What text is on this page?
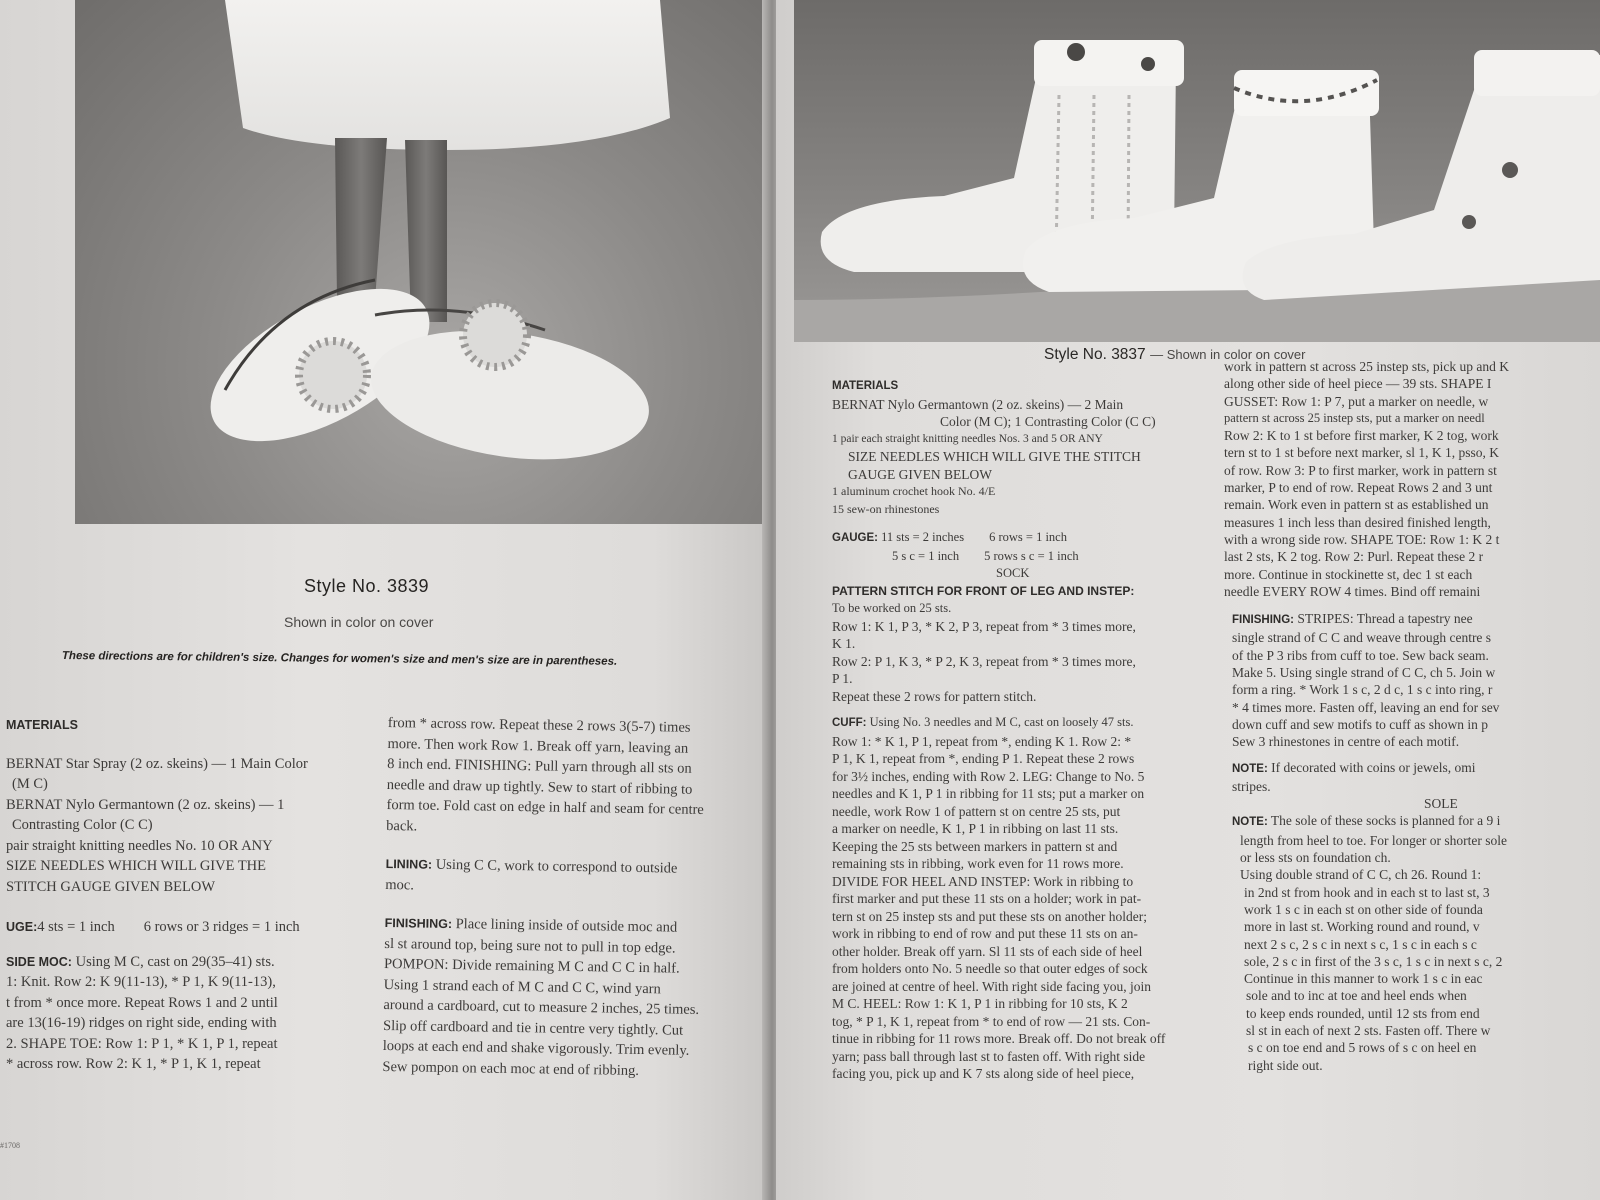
Style No. 3839

Shown in color on cover

These directions are for children's size. Changes for women's size and men's size are in parentheses.

MATERIALS

BERNAT Star Spray (2 oz. skeins) — 1 Main Color

(M C)

BERNAT Nylo Germantown (2 oz. skeins) — 1

Contrasting Color (C C)

pair straight knitting needles No. 10 OR ANY

SIZE NEEDLES WHICH WILL GIVE THE

STITCH GAUGE GIVEN BELOW

UGE:4 sts = 1 inch        6 rows or 3 ridges = 1 inch

SIDE MOC: Using M C, cast on 29(35–41) sts.

1: Knit. Row 2: K 9(11-13), * P 1, K 9(11-13),

t from * once more. Repeat Rows 1 and 2 until

are 13(16-19) ridges on right side, ending with

2. SHAPE TOE: Row 1: P 1, * K 1, P 1, repeat

* across row. Row 2: K 1, * P 1, K 1, repeat

from * across row. Repeat these 2 rows 3(5-7) times

more. Then work Row 1. Break off yarn, leaving an

8 inch end. FINISHING: Pull yarn through all sts on

needle and draw up tightly. Sew to start of ribbing to

form toe. Fold cast on edge in half and seam for centre

back.

LINING: Using C C, work to correspond to outside

moc.

FINISHING: Place lining inside of outside moc and

sl st around top, being sure not to pull in top edge.

POMPON: Divide remaining M C and C C in half.

Using 1 strand each of M C and C C, wind yarn

around a cardboard, cut to measure 2 inches, 25 times.

Slip off cardboard and tie in centre very tightly. Cut

loops at each end and shake vigorously. Trim evenly.

Sew pompon on each moc at end of ribbing.

#1708

Style No. 3837 — Shown in color on cover

MATERIALS

BERNAT Nylo Germantown (2 oz. skeins) — 2 Main

Color (M C); 1 Contrasting Color (C C)

1 pair each straight knitting needles Nos. 3 and 5 OR ANY

SIZE NEEDLES WHICH WILL GIVE THE STITCH

GAUGE GIVEN BELOW

1 aluminum crochet hook No. 4/E

15 sew-on rhinestones

GAUGE: 11 sts = 2 inches        6 rows = 1 inch

5 s c = 1 inch        5 rows s c = 1 inch

SOCK

PATTERN STITCH FOR FRONT OF LEG AND INSTEP:

To be worked on 25 sts.

Row 1: K 1, P 3, * K 2, P 3, repeat from * 3 times more,

K 1.

Row 2: P 1, K 3, * P 2, K 3, repeat from * 3 times more,

P 1.

Repeat these 2 rows for pattern stitch.

CUFF: Using No. 3 needles and M C, cast on loosely 47 sts.

Row 1: * K 1, P 1, repeat from *, ending K 1. Row 2: *

P 1, K 1, repeat from *, ending P 1. Repeat these 2 rows

for 3½ inches, ending with Row 2. LEG: Change to No. 5

needles and K 1, P 1 in ribbing for 11 sts; put a marker on

needle, work Row 1 of pattern st on centre 25 sts, put

a marker on needle, K 1, P 1 in ribbing on last 11 sts.

Keeping the 25 sts between markers in pattern st and

remaining sts in ribbing, work even for 11 rows more.

DIVIDE FOR HEEL AND INSTEP: Work in ribbing to

first marker and put these 11 sts on a holder; work in pat-

tern st on 25 instep sts and put these sts on another holder;

work in ribbing to end of row and put these 11 sts on an-

other holder. Break off yarn. Sl 11 sts of each side of heel

from holders onto No. 5 needle so that outer edges of sock

are joined at centre of heel. With right side facing you, join

M C. HEEL: Row 1: K 1, P 1 in ribbing for 10 sts, K 2

tog, * P 1, K 1, repeat from * to end of row — 21 sts. Con-

tinue in ribbing for 11 rows more. Break off. Do not break off

yarn; pass ball through last st to fasten off. With right side

facing you, pick up and K 7 sts along side of heel piece,

work in pattern st across 25 instep sts, pick up and K

along other side of heel piece — 39 sts. SHAPE I

GUSSET: Row 1: P 7, put a marker on needle, w

pattern st across 25 instep sts, put a marker on needl

Row 2: K to 1 st before first marker, K 2 tog, work

tern st to 1 st before next marker, sl 1, K 1, psso, K

of row. Row 3: P to first marker, work in pattern st

marker, P to end of row. Repeat Rows 2 and 3 unt

remain. Work even in pattern st as established un

measures 1 inch less than desired finished length,

with a wrong side row. SHAPE TOE: Row 1: K 2 t

last 2 sts, K 2 tog. Row 2: Purl. Repeat these 2 r

more. Continue in stockinette st, dec 1 st each

needle EVERY ROW 4 times. Bind off remaini

FINISHING: STRIPES: Thread a tapestry nee

single strand of C C and weave through centre s

of the P 3 ribs from cuff to toe. Sew back seam.

Make 5. Using single strand of C C, ch 5. Join w

form a ring. * Work 1 s c, 2 d c, 1 s c into ring, r

* 4 times more. Fasten off, leaving an end for sev

down cuff and sew motifs to cuff as shown in p

Sew 3 rhinestones in centre of each motif.

NOTE: If decorated with coins or jewels, omi

stripes.

SOLE

NOTE: The sole of these socks is planned for a 9 i

length from heel to toe. For longer or shorter sole

or less sts on foundation ch.

Using double strand of C C, ch 26. Round 1:

in 2nd st from hook and in each st to last st, 3

work 1 s c in each st on other side of founda

more in last st. Working round and round, v

next 2 s c, 2 s c in next s c, 1 s c in each s c

sole, 2 s c in first of the 3 s c, 1 s c in next s c, 2

Continue in this manner to work 1 s c in eac

sole and to inc at toe and heel ends when

to keep ends rounded, until 12 sts from end

sl st in each of next 2 sts. Fasten off. There w

s c on toe end and 5 rows of s c on heel en

right side out.
